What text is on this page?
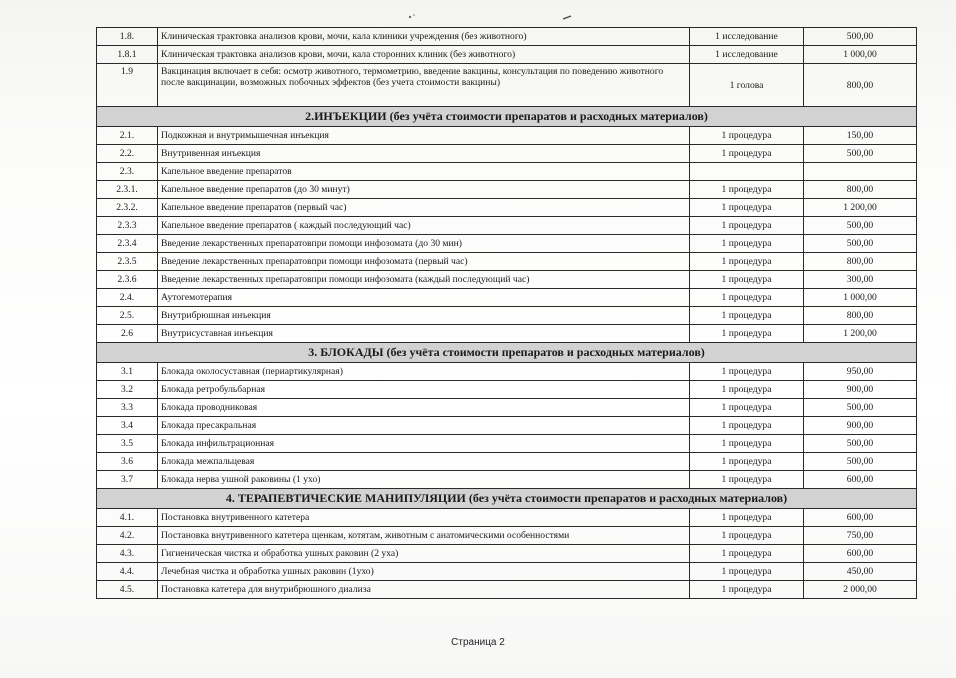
1.8.	Клиническая трактовка анализов крови, мочи, кала клиники учреждения (без животного)	1 исследование	500,00
1.8.1	Клиническая трактовка анализов крови, мочи, кала сторонних клиник (без животного)	1 исследование	1 000,00
1.9	Вакцинация включает в себя: осмотр животного, термометрию, введение вакцины, консультация по поведению животного после вакцинации, возможных побочных эффектов (без учета стоимости вакцины)	1 голова	800,00
2.ИНЪЕКЦИИ (без учёта стоимости препаратов и расходных материалов)			
2.1.	Подкожная и внутримышечная инъекция	1 процедура	150,00
2.2.	Внутривенная инъекция	1 процедура	500,00
2.3.	Капельное введение препаратов		
2.3.1.	Капельное введение препаратов (до 30 минут)	1 процедура	800,00
2.3.2.	Капельное введение препаратов (первый час)	1 процедура	1 200,00
2.3.3	Капельное введение препаратов ( каждый последующий час)	1 процедура	500,00
2.3.4	Введение лекарственных препаратовпри помощи инфозомата (до 30 мин)	1 процедура	500,00
2.3.5	Введение лекарственных препаратовпри помощи инфозомата (первый час)	1 процедура	800,00
2.3.6	Введение лекарственных препаратовпри помощи инфозомата (каждый последующий час)	1 процедура	300,00
2.4.	Аутогемотерапия	1 процедура	1 000,00
2.5.	Внутрибрюшная инъекция	1 процедура	800,00
2.6	Внутрисуставная инъекция	1 процедура	1 200,00
3. БЛОКАДЫ (без учёта стоимости препаратов и расходных материалов)			
3.1	Блокада околосуставная (периартикулярная)	1 процедура	950,00
3.2	Блокада ретробульбарная	1 процедура	900,00
3.3	Блокада проводниковая	1 процедура	500,00
3.4	Блокада пресакральная	1 процедура	900,00
3.5	Блокада инфильтрационная	1 процедура	500,00
3.6	Блокада межпальцевая	1 процедура	500,00
3.7	Блокада нерва ушной раковины (1 ухо)	1 процедура	600,00
4. ТЕРАПЕВТИЧЕСКИЕ МАНИПУЛЯЦИИ (без учёта стоимости препаратов и расходных материалов)			
4.1.	Постановка внутривенного катетера	1 процедура	600,00
4.2.	Постановка внутривенного катетера щенкам, котятам, животным с анатомическими особенностями	1 процедура	750,00
4.3.	Гигиеническая чистка и обработка ушных раковин (2 уха)	1 процедура	600,00
4.4.	Лечебная чистка и обработка ушных раковин (1ухо)	1 процедура	450,00
4.5.	Постановка катетера для внутрибрюшного диализа	1 процедура	2 000,00
Страница 2
